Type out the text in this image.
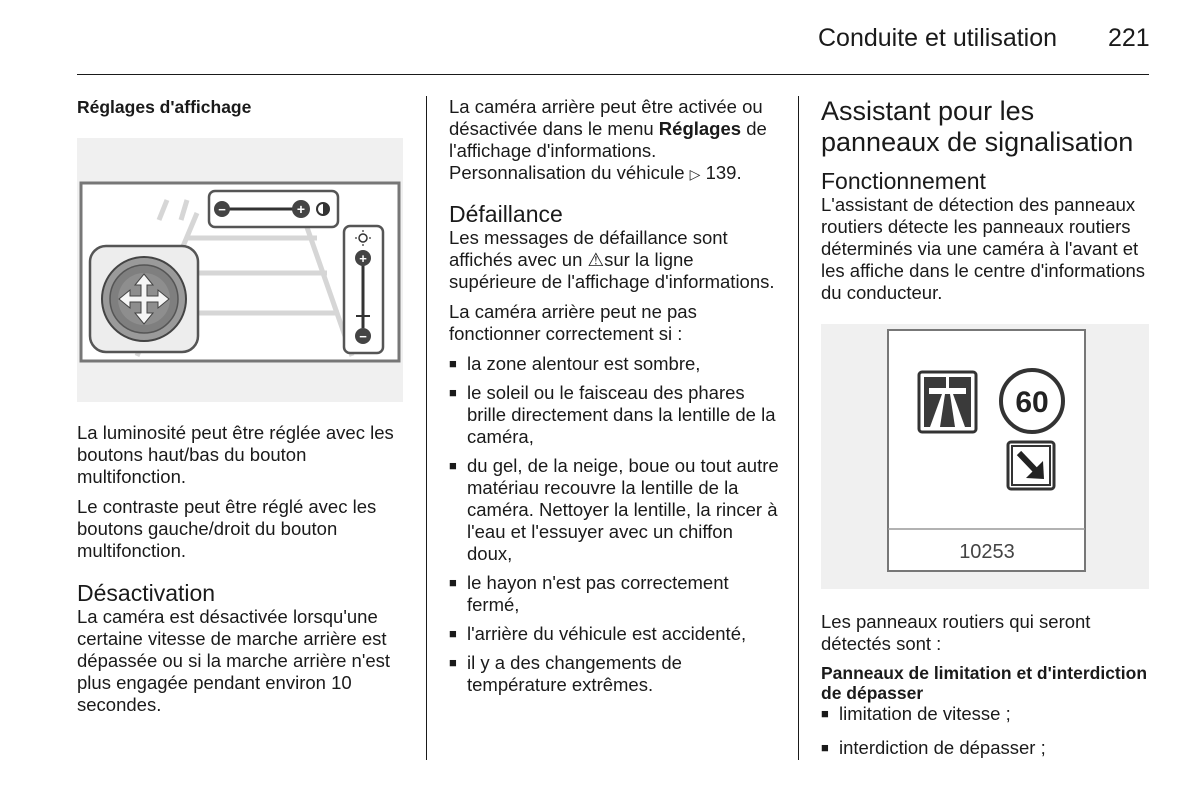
Conduite et utilisation 221
Réglages d'affichage
−	+
+
−

La luminosité peut être réglée avec les boutons haut/bas du bouton multifonction.

Le contraste peut être réglé avec les boutons gauche/droit du bouton multifonction.

Désactivation

La caméra est désactivée lorsqu'une certaine vitesse de marche arrière est dépassée ou si la marche arrière n'est plus engagée pendant environ 10 secondes.

La caméra arrière peut être activée ou désactivée dans le menu Réglages de l'affichage d'informations. Personnalisation du véhicule ▷ 139.

Défaillance

Les messages de défaillance sont affichés avec un ⚠sur la ligne supérieure de l'affichage d'informations.

La caméra arrière peut ne pas fonctionner correctement si :

■ la zone alentour est sombre,
■ le soleil ou le faisceau des phares brille directement dans la lentille de la caméra,
■ du gel, de la neige, boue ou tout autre matériau recouvre la lentille de la caméra. Nettoyer la lentille, la rincer à l'eau et l'essuyer avec un chiffon doux,
■ le hayon n'est pas correctement fermé,
■ l'arrière du véhicule est accidenté,
■ il y a des changements de température extrêmes.
Assistant pour les panneaux de signalisation
Fonctionnement

L'assistant de détection des panneaux routiers détecte les panneaux routiers déterminés via une caméra à l'avant et les affiche dans le centre d'informations du conducteur.

60
10253

Les panneaux routiers qui seront détectés sont :

Panneaux de limitation et d'interdiction de dépasser
■ limitation de vitesse ;
■ interdiction de dépasser ;
